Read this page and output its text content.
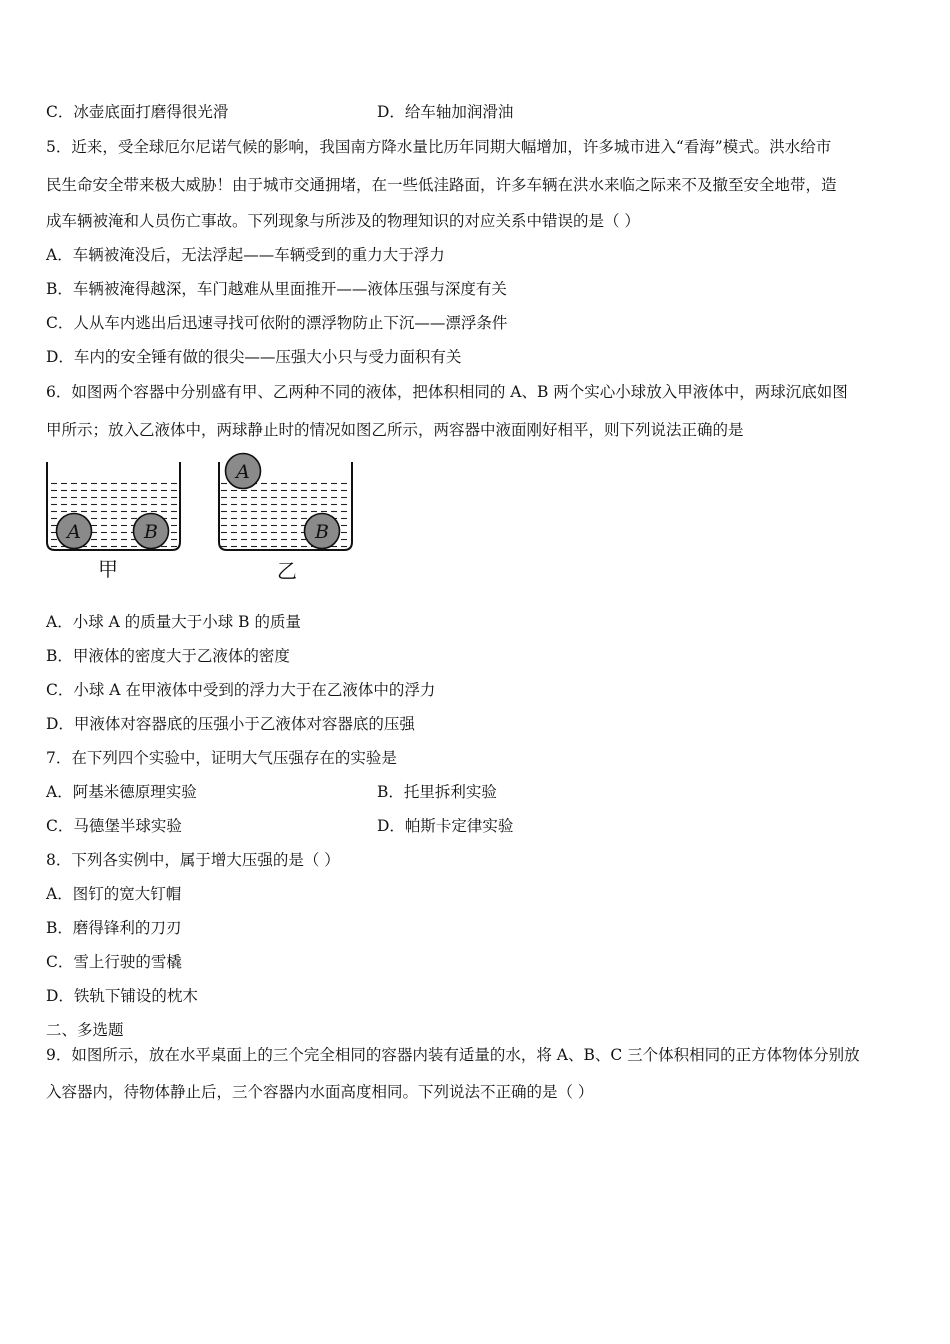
C．冰壶底面打磨得很光滑	D．给车轴加润滑油
5．近来，受全球厄尔尼诺气候的影响，我国南方降水量比历年同期大幅增加，许多城市进入“看海”模式。洪水给市
民生命安全带来极大威胁！由于城市交通拥堵，在一些低洼路面，许多车辆在洪水来临之际来不及撤至安全地带，造
成车辆被淹和人员伤亡事故。下列现象与所涉及的物理知识的对应关系中错误的是（ ）
A．车辆被淹没后，无法浮起——车辆受到的重力大于浮力
B．车辆被淹得越深，车门越难从里面推开——液体压强与深度有关
C．人从车内逃出后迅速寻找可依附的漂浮物防止下沉——漂浮条件
D．车内的安全锤有做的很尖——压强大小只与受力面积有关
6．如图两个容器中分别盛有甲、乙两种不同的液体，把体积相同的 A、B 两个实心小球放入甲液体中，两球沉底如图
甲所示；放入乙液体中，两球静止时的情况如图乙所示，两容器中液面刚好相平，则下列说法正确的是
A	B
甲
A
B
乙
A．小球 A 的质量大于小球 B 的质量
B．甲液体的密度大于乙液体的密度
C．小球 A 在甲液体中受到的浮力大于在乙液体中的浮力
D．甲液体对容器底的压强小于乙液体对容器底的压强
7．在下列四个实验中，证明大气压强存在的实验是
A．阿基米德原理实验	B．托里拆利实验
C．马德堡半球实验	D．帕斯卡定律实验
8．下列各实例中，属于增大压强的是（ ）
A．图钉的宽大钉帽
B．磨得锋利的刀刃
C．雪上行驶的雪橇
D．铁轨下铺设的枕木
二、多选题
9．如图所示，放在水平桌面上的三个完全相同的容器内装有适量的水，将 A、B、C 三个体积相同的正方体物体分别放
入容器内，待物体静止后，三个容器内水面高度相同。下列说法不正确的是（ ）
